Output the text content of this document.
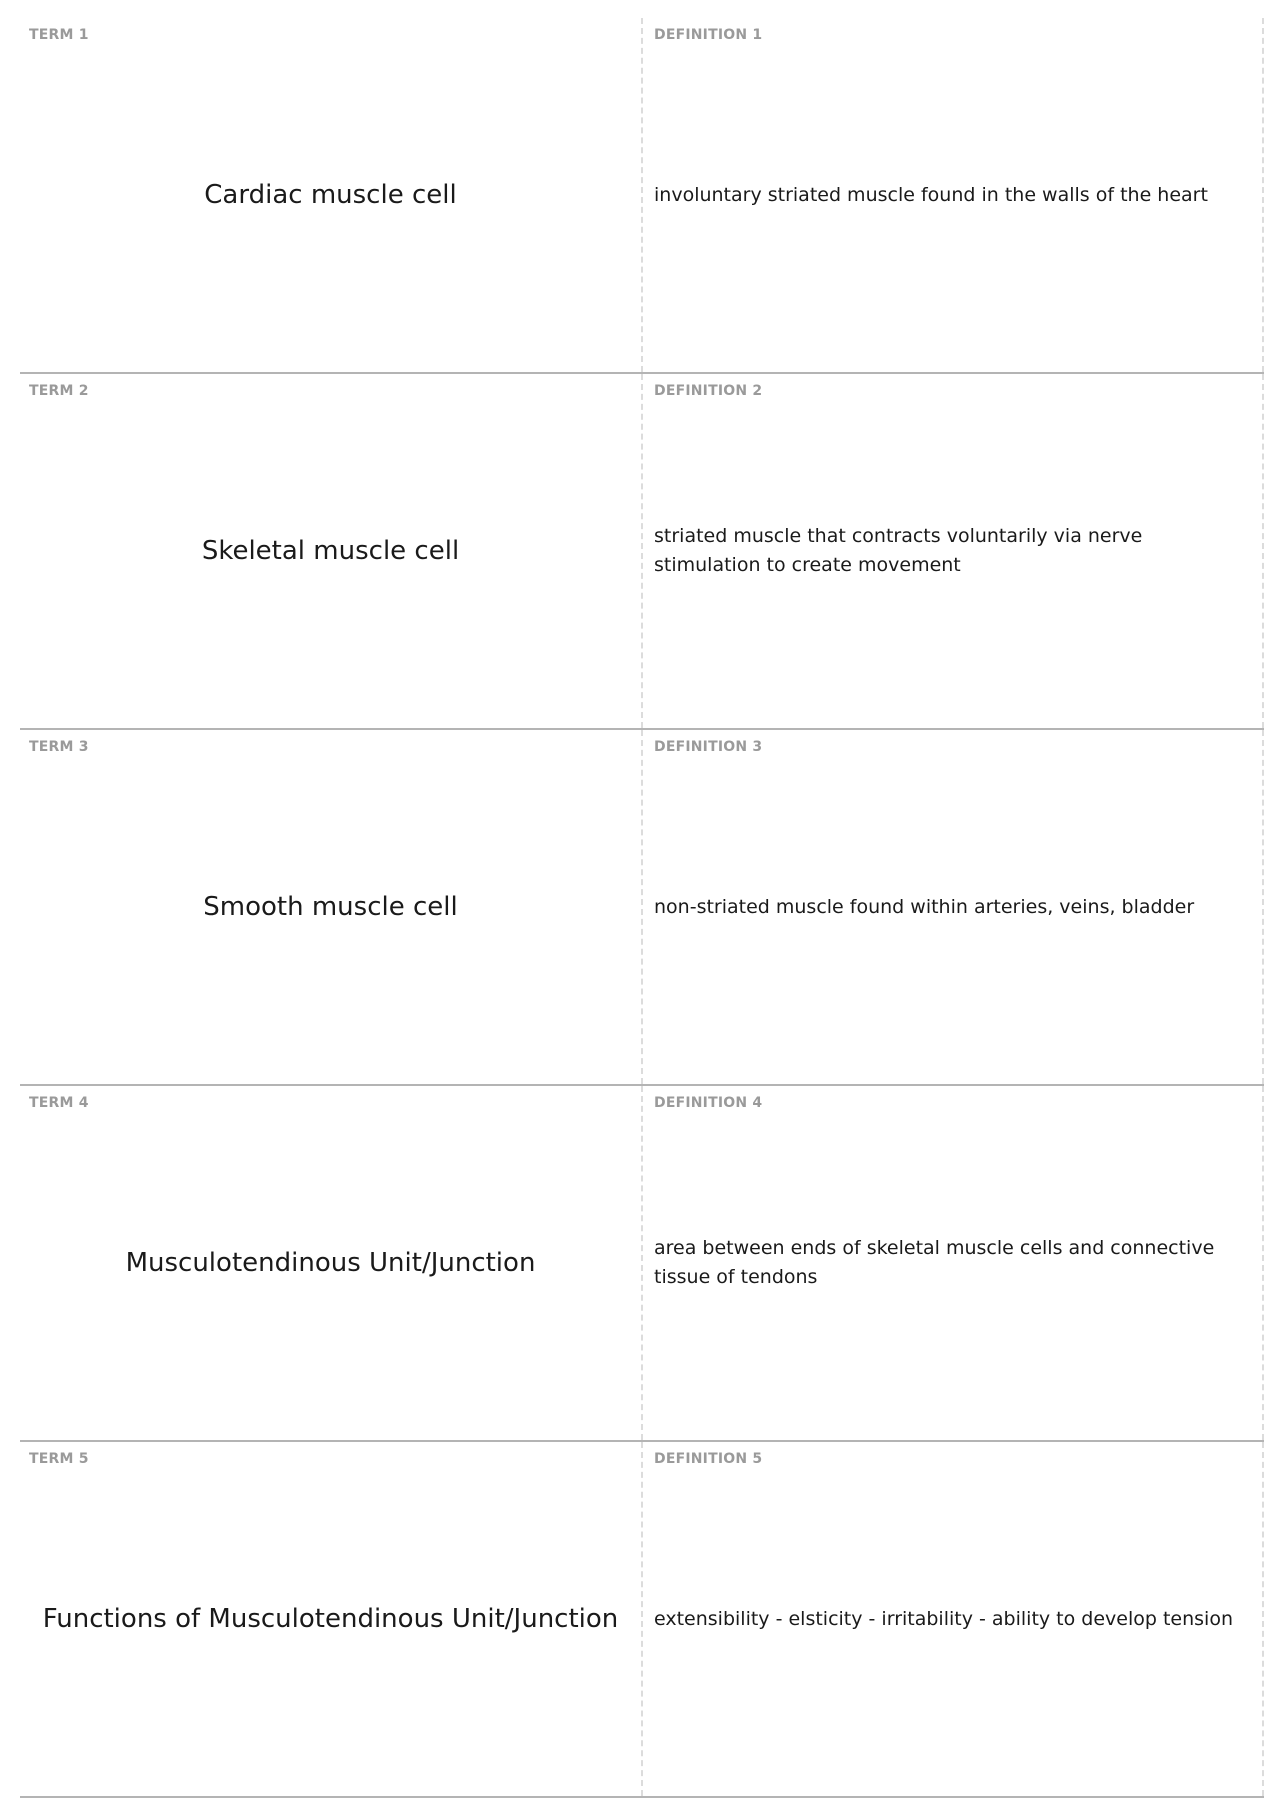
TERM 1
Cardiac muscle cell
DEFINITION 1
involuntary striated muscle found in the walls of the heart
TERM 2
Skeletal muscle cell
DEFINITION 2
striated muscle that contracts voluntarily via nerve stimulation to create movement
TERM 3
Smooth muscle cell
DEFINITION 3
non-striated muscle found within arteries, veins, bladder
TERM 4
Musculotendinous Unit/Junction
DEFINITION 4
area between ends of skeletal muscle cells and connective tissue of tendons
TERM 5
Functions of Musculotendinous Unit/Junction
DEFINITION 5
extensibility - elsticity - irritability - ability to develop tension
